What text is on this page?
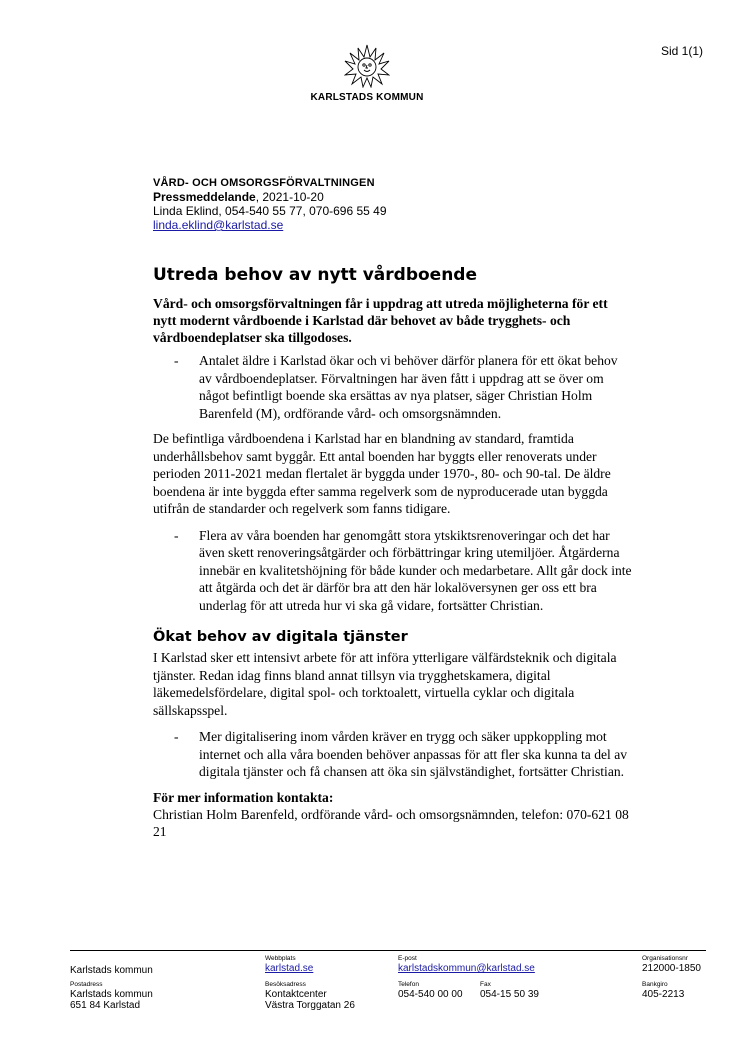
Sid 1(1)
KARLSTADS KOMMUN
VÅRD- OCH OMSORGSFÖRVALTNINGEN
Pressmeddelande, 2021-10-20
Linda Eklind, 054-540 55 77, 070-696 55 49
linda.eklind@karlstad.se
Utreda behov av nytt vårdboende

Vård- och omsorgsförvaltningen får i uppdrag att utreda möjligheterna för ett nytt modernt vårdboende i Karlstad där behovet av både trygghets- och vårdboendeplatser ska tillgodoses.

- Antalet äldre i Karlstad ökar och vi behöver därför planera för ett ökat behov av vårdboendeplatser. Förvaltningen har även fått i uppdrag att se över om något befintligt boende ska ersättas av nya platser, säger Christian Holm Barenfeld (M), ordförande vård- och omsorgsnämnden.

De befintliga vårdboendena i Karlstad har en blandning av standard, framtida underhållsbehov samt byggår. Ett antal boenden har byggts eller renoverats under perioden 2011-2021 medan flertalet är byggda under 1970-, 80- och 90-tal. De äldre boendena är inte byggda efter samma regelverk som de nyproducerade utan byggda utifrån de standarder och regelverk som fanns tidigare.

- Flera av våra boenden har genomgått stora ytskiktsrenoveringar och det har även skett renoveringsåtgärder och förbättringar kring utemiljöer. Åtgärderna innebär en kvalitetshöjning för både kunder och medarbetare. Allt går dock inte att åtgärda och det är därför bra att den här lokalöversynen ger oss ett bra underlag för att utreda hur vi ska gå vidare, fortsätter Christian.
Ökat behov av digitala tjänster

I Karlstad sker ett intensivt arbete för att införa ytterligare välfärdsteknik och digitala tjänster. Redan idag finns bland annat tillsyn via trygghetskamera, digital läkemedelsfördelare, digital spol- och torktoalett, virtuella cyklar och digitala sällskapsspel.

- Mer digitalisering inom vården kräver en trygg och säker uppkoppling mot internet och alla våra boenden behöver anpassas för att fler ska kunna ta del av digitala tjänster och få chansen att öka sin självständighet, fortsätter Christian.

För mer information kontakta:

Christian Holm Barenfeld, ordförande vård- och omsorgsnämnden, telefon: 070-621 08 21

Karlstads kommun
Webbplats
karlstad.se
E-post
karlstadskommun@karlstad.se
Organisationsnr
212000-1850
Postadress
Karlstads kommun
651 84 Karlstad
Besöksadress
Kontaktcenter
Västra Torggatan 26
Telefon
054-540 00 00
Fax
054-15 50 39
Bankgiro
405-2213
